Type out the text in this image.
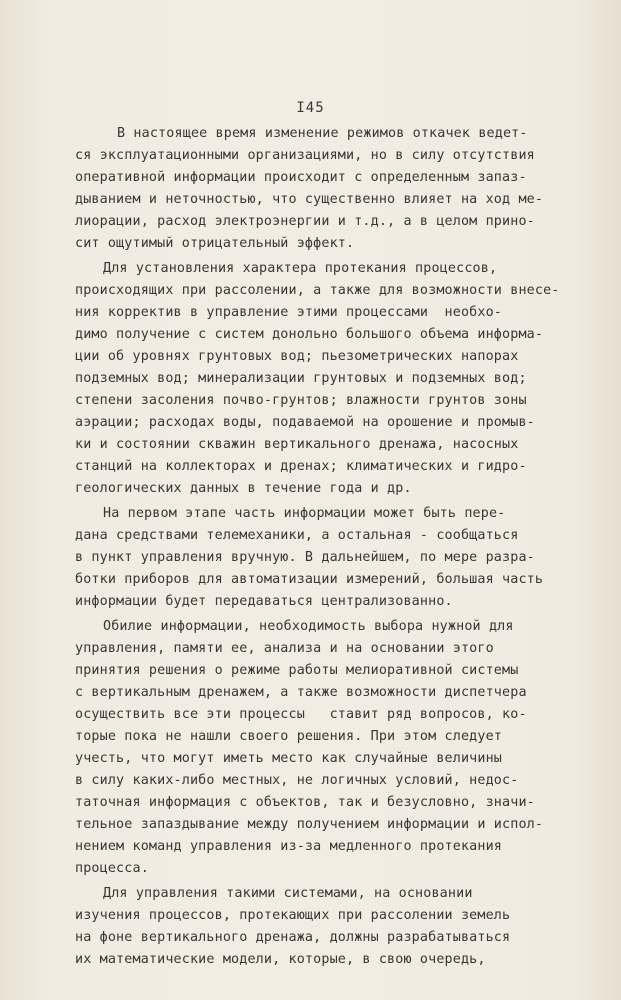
I45
В настоящее время изменение режимов откачек ведет-
ся эксплуатационными организациями, но в силу отсутствия
оперативной информации происходит с определенным запаз-
дыванием и неточностью, что существенно влияет на ход ме-
лиорации, расход электроэнергии и т.д., а в целом прино-
сит ощутимый отрицательный эффект.
Для установления характера протекания процессов,
происходящих при рассолении, а также для возможности внесе-
ния корректив в управление этими процессами  необхо-
димо получение с систем донольно большого объема информа-
ции об уровнях грунтовых вод; пьезометрических напорах
подземных вод; минерализации грунтовых и подземных вод;
степени засоления почво-грунтов; влажности грунтов зоны
аэрации; расходах воды, подаваемой на орошение и промыв-
ки и состоянии скважин вертикального дренажа, насосных
станций на коллекторах и дренах; климатических и гидро-
геологических данных в течение года и др.
На первом этапе часть информации может быть пере-
дана средствами телемеханики, а остальная - сообщаться
в пункт управления вручную. В дальнейшем, по мере разра-
ботки приборов для автоматизации измерений, большая часть
информации будет передаваться централизованно.
Обилие информации, необходимость выбора нужной для
управления, памяти ее, анализа и на основании этого
принятия решения о режиме работы мелиоративной системы
с вертикальным дренажем, а также возможности диспетчера
осуществить все эти процессы   ставит ряд вопросов, ко-
торые пока не нашли своего решения. При этом следует
учесть, что могут иметь место как случайные величины
в силу каких-либо местных, не логичных условий, недос-
таточная информация с объектов, так и безусловно, значи-
тельное запаздывание между получением информации и испол-
нением команд управления из-за медленного протекания
процесса.
Для управления такими системами, на основании
изучения процессов, протекающих при рассолении земель
на фоне вертикального дренажа, должны разрабатываться
их математические модели, которые, в свою очередь,
